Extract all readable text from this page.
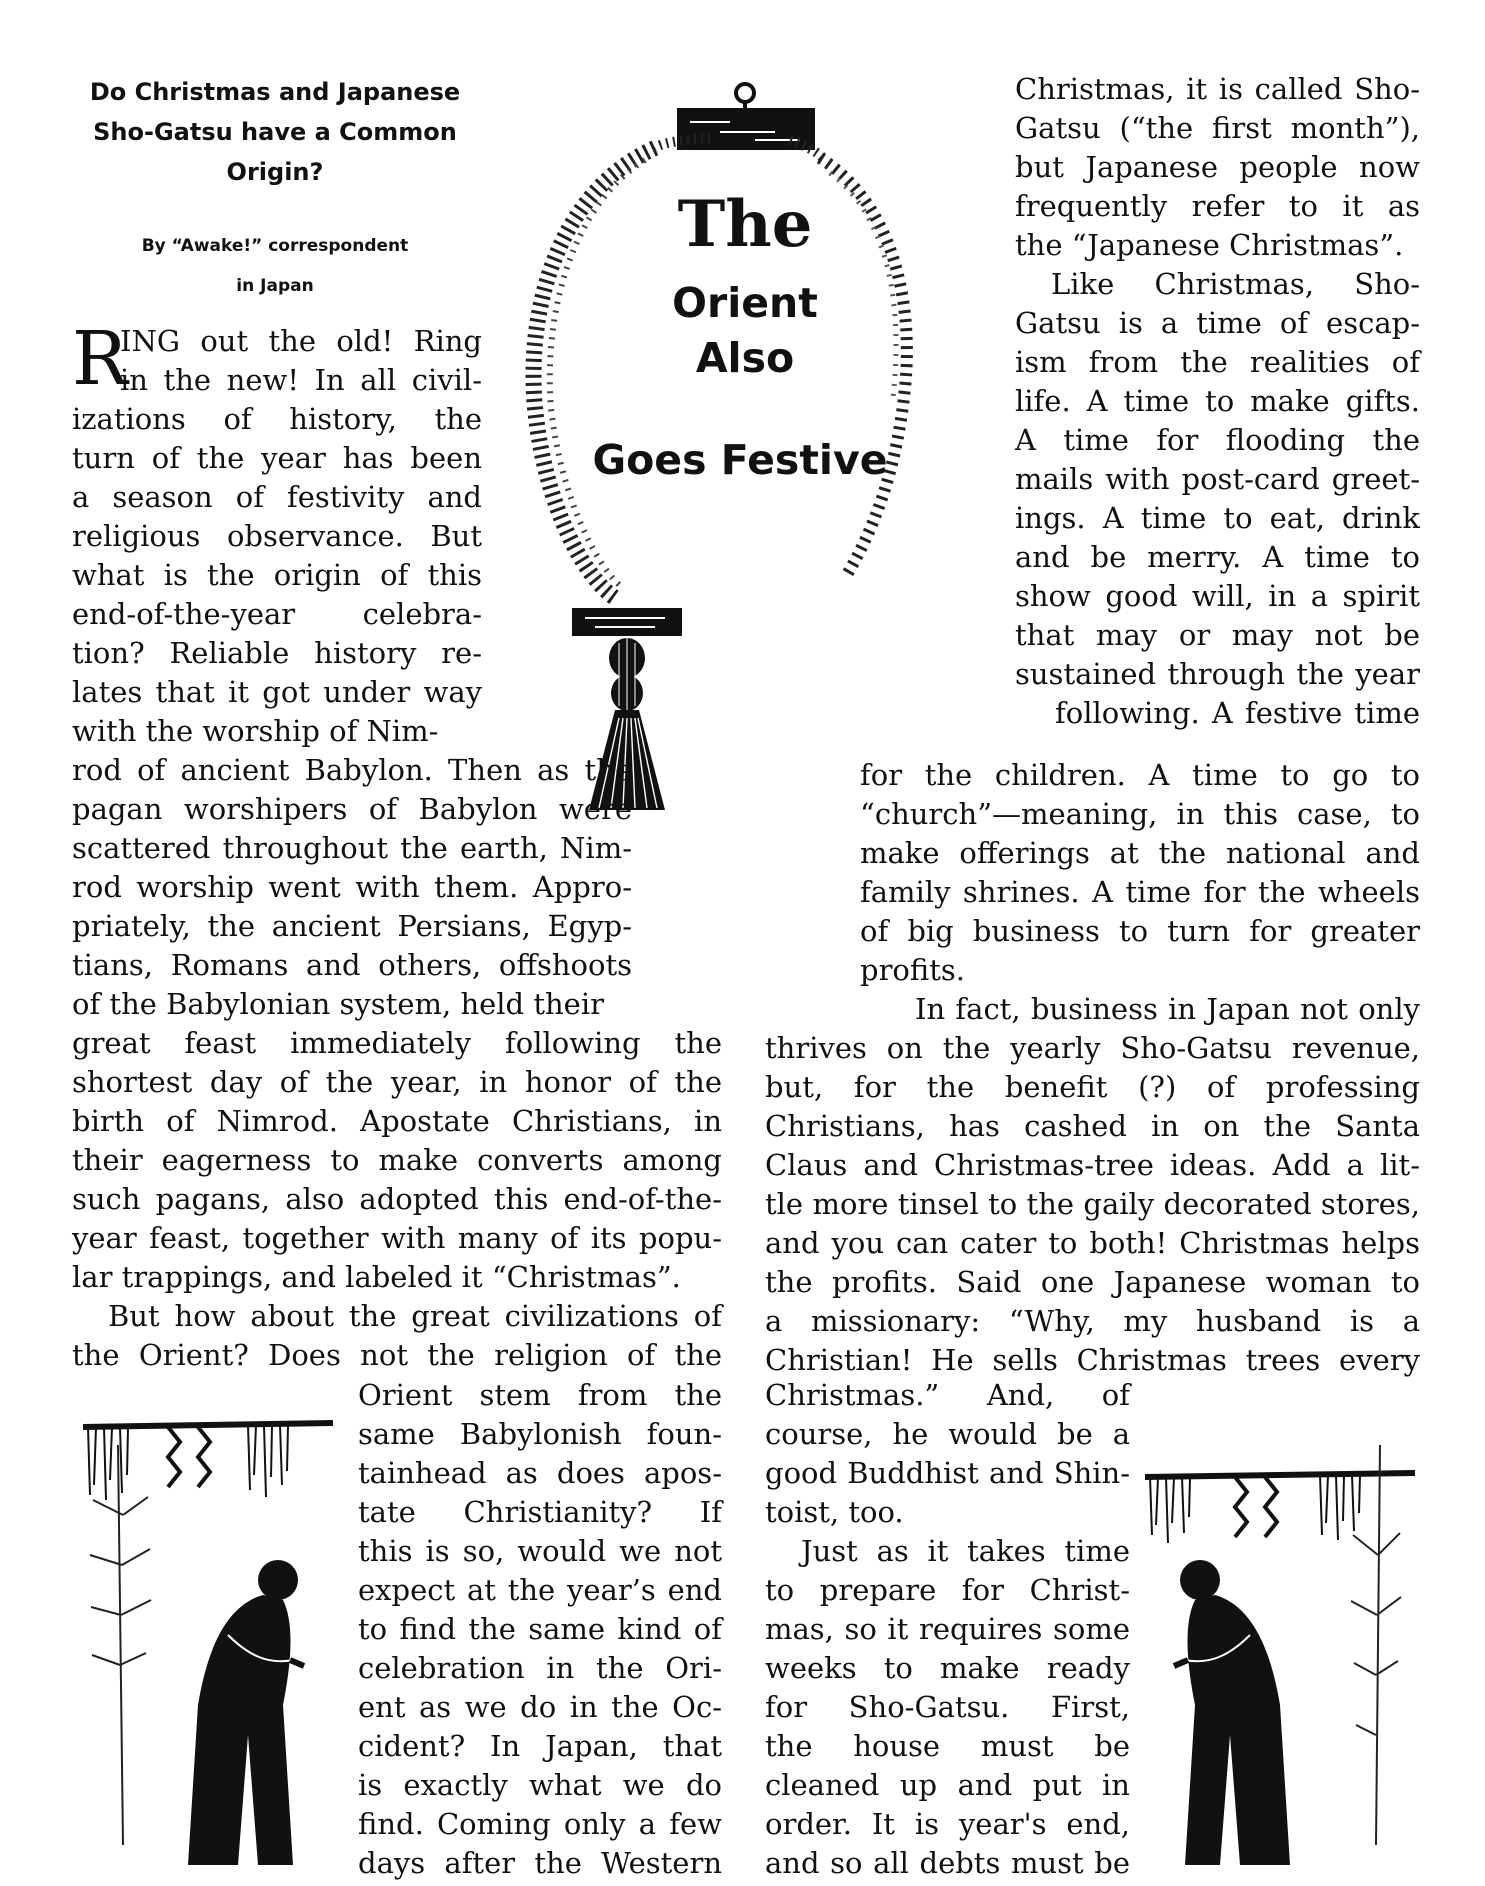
Do Christmas and Japanese
Sho-Gatsu have a Common
Origin?
By “Awake!” correspondent
in Japan
R
The
Orient
Also
Goes Festive
ING out the old! Ring
in the new! In all civil-
izations of history, the
turn of the year has been
a season of festivity and
religious observance. But
what is the origin of this
end-of-the-year celebra-
tion? Reliable history re-
lates that it got under way
with the worship of Nim-
rod of ancient Babylon. Then as the
pagan worshipers of Babylon were
scattered throughout the earth, Nim-
rod worship went with them. Appro-
priately, the ancient Persians, Egyp-
tians, Romans and others, offshoots
of the Babylonian system, held their
great feast immediately following the
shortest day of the year, in honor of the
birth of Nimrod. Apostate Christians, in
their eagerness to make converts among
such pagans, also adopted this end-of-the-
year feast, together with many of its popu-
lar trappings, and labeled it “Christmas”.
But how about the great civilizations of
the Orient? Does not the religion of the
Orient stem from the
same Babylonish foun-
tainhead as does apos-
tate Christianity? If
this is so, would we not
expect at the year’s end
to find the same kind of
celebration in the Ori-
ent as we do in the Oc-
cident? In Japan, that
is exactly what we do
find. Coming only a few
days after the Western
Christmas, it is called Sho-
Gatsu (“the first month”),
but Japanese people now
frequently refer to it as
the “Japanese Christmas”.
Like Christmas, Sho-
Gatsu is a time of escap-
ism from the realities of
life. A time to make gifts.
A time for flooding the
mails with post-card greet-
ings. A time to eat, drink
and be merry. A time to
show good will, in a spirit
that may or may not be
sustained through the year
following. A festive time
for the children. A time to go to
“church”—meaning, in this case, to
make offerings at the national and
family shrines. A time for the wheels
of big business to turn for greater
profits.
In fact, business in Japan not only
thrives on the yearly Sho-Gatsu revenue,
but, for the benefit (?) of professing
Christians, has cashed in on the Santa
Claus and Christmas-tree ideas. Add a lit-
tle more tinsel to the gaily decorated stores,
and you can cater to both! Christmas helps
the profits. Said one Japanese woman to
a missionary: “Why, my husband is a
Christian! He sells Christmas trees every
Christmas.” And, of
course, he would be a
good Buddhist and Shin-
toist, too.
Just as it takes time
to prepare for Christ-
mas, so it requires some
weeks to make ready
for Sho-Gatsu. First,
the house must be
cleaned up and put in
order. It is year's end,
and so all debts must be
